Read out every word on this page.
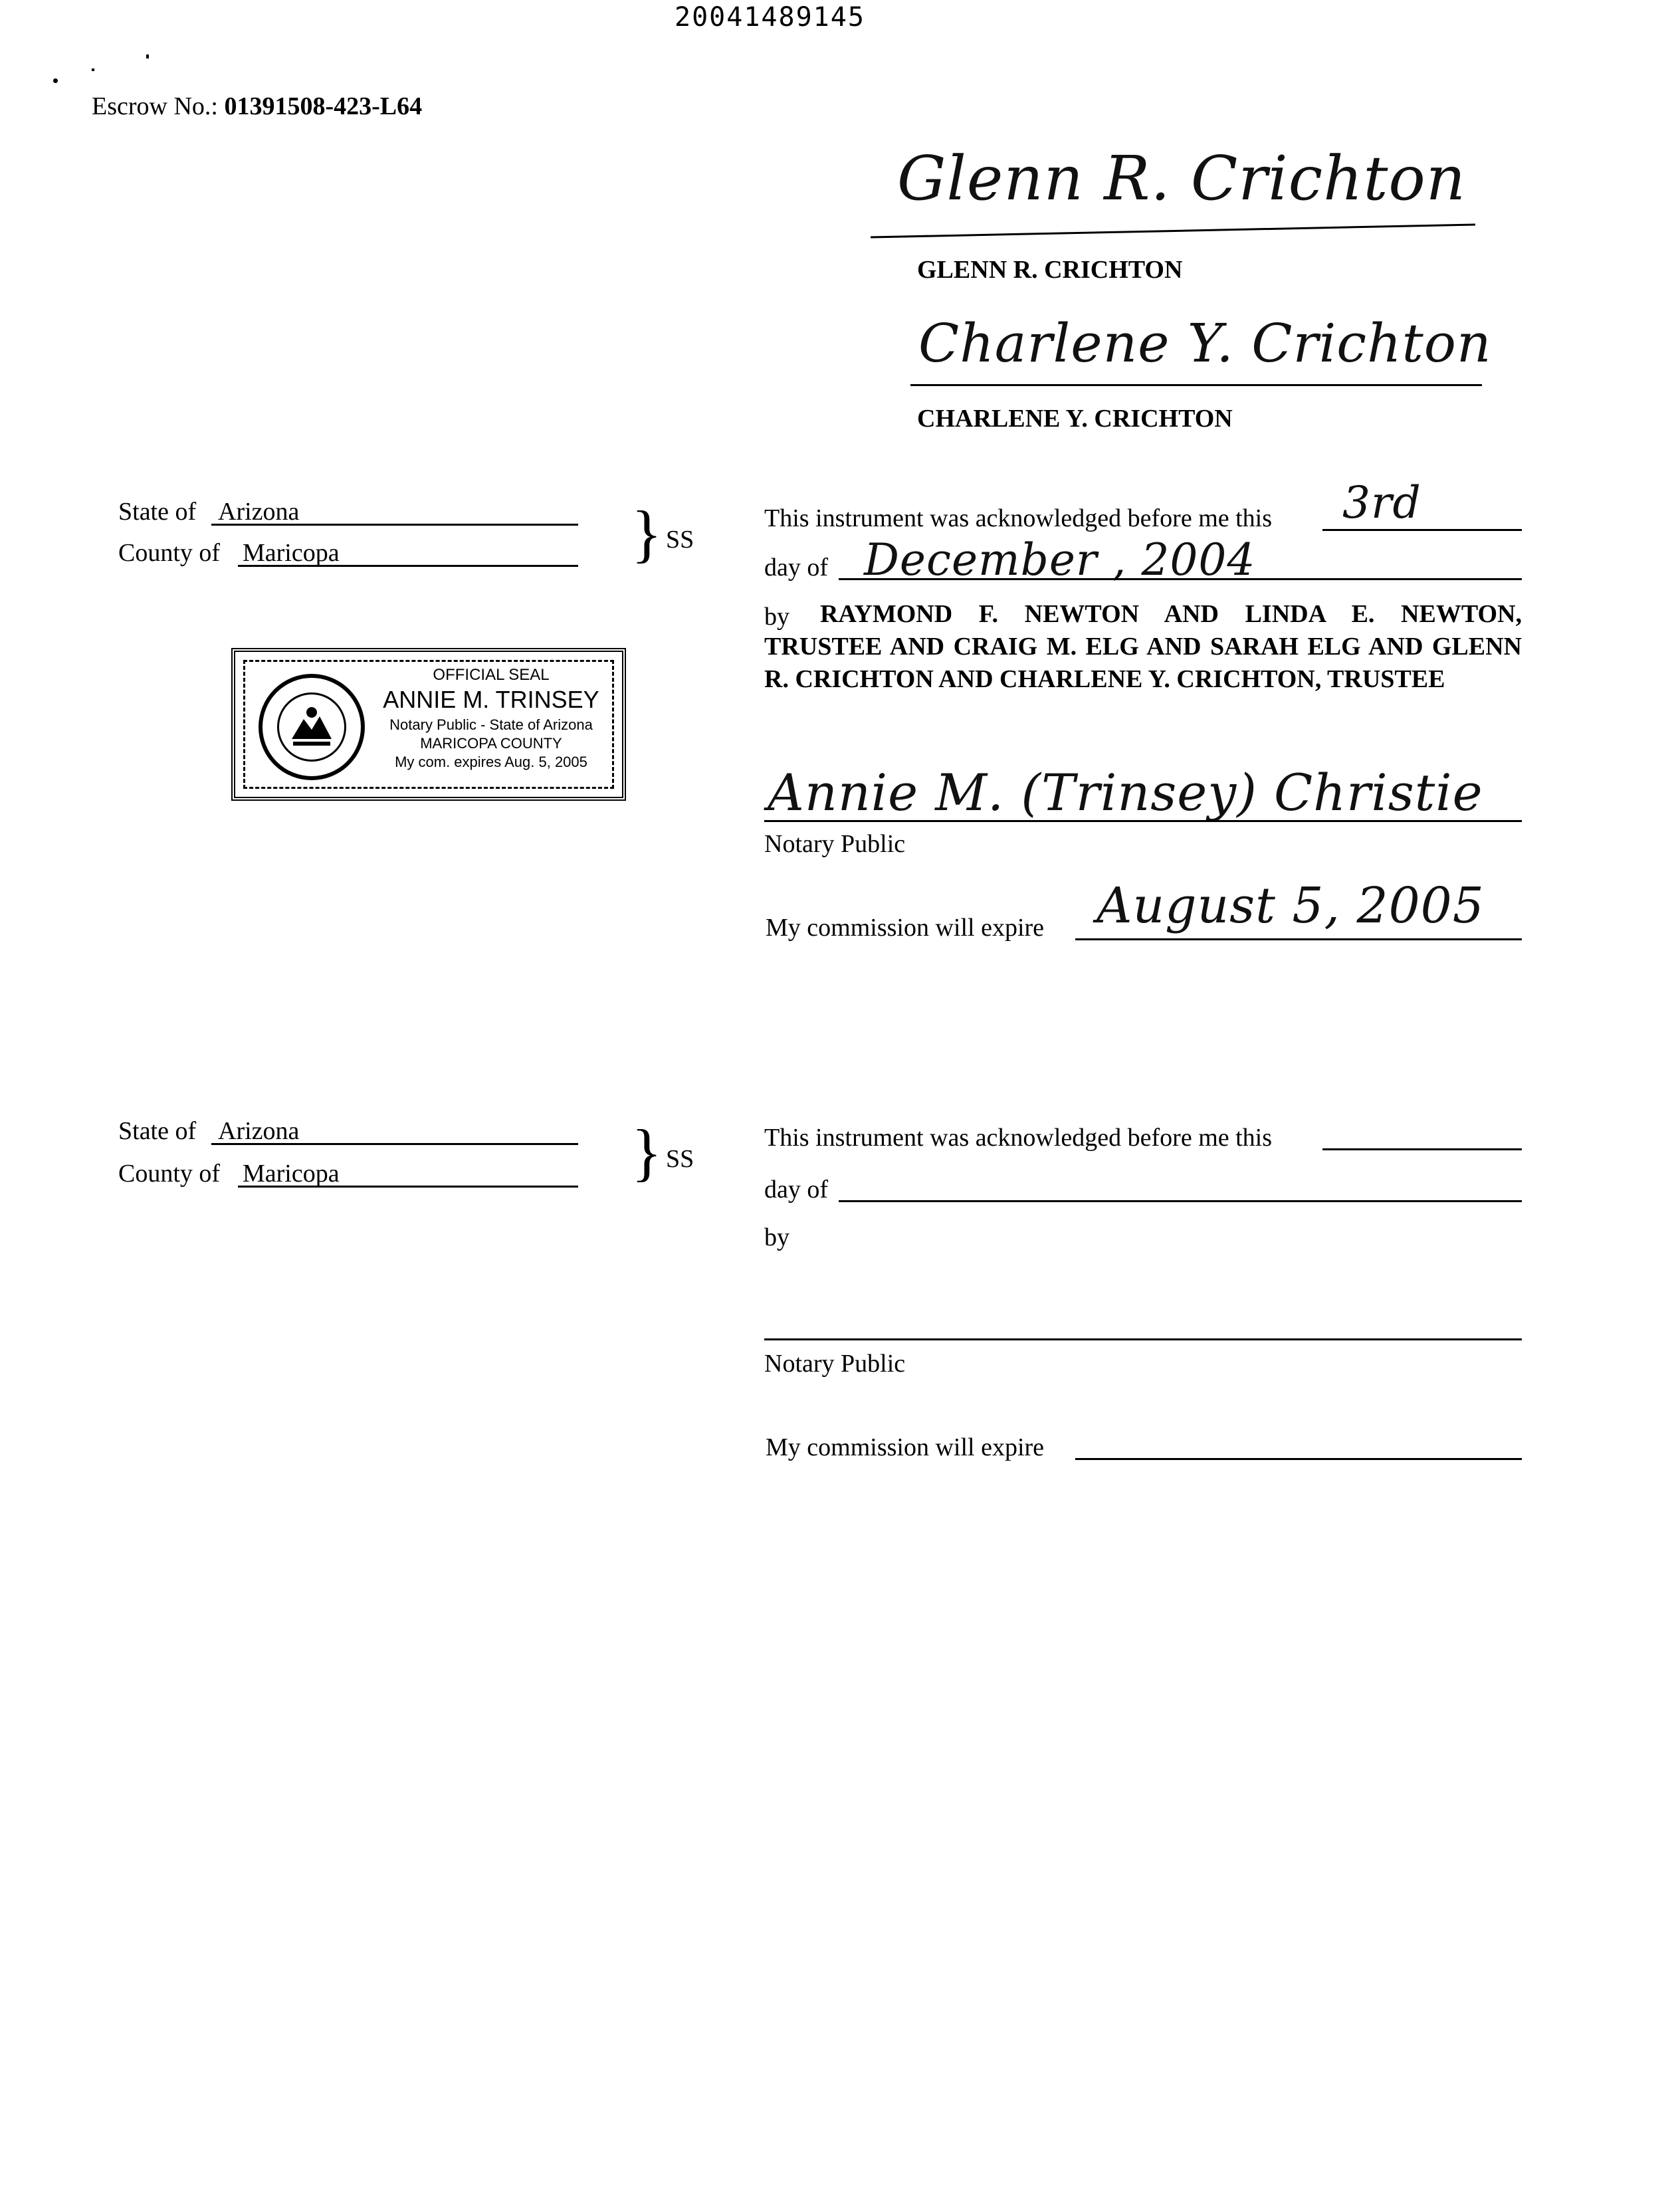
20041489145
Escrow No.: 01391508-423-L64
Glenn R. Crichton
GLENN R. CRICHTON
Charlene Y. Crichton
CHARLENE Y. CRICHTON
State of Arizona
County of Maricopa	} SS
This instrument was acknowledged before me this 3rd
day of December , 2004
by	RAYMOND F. NEWTON AND LINDA E. NEWTON, TRUSTEE AND CRAIG M. ELG AND SARAH ELG AND GLENN R. CRICHTON AND CHARLENE Y. CRICHTON, TRUSTEE
Annie M. (Trinsey) Christie
Notary Public
My commission will expire August 5, 2005
OFFICIAL SEAL
ANNIE M. TRINSEY
Notary Public - State of Arizona
MARICOPA COUNTY
My com. expires Aug. 5, 2005
State of Arizona
County of Maricopa	} SS
This instrument was acknowledged before me this
day of
by
Notary Public
My commission will expire
